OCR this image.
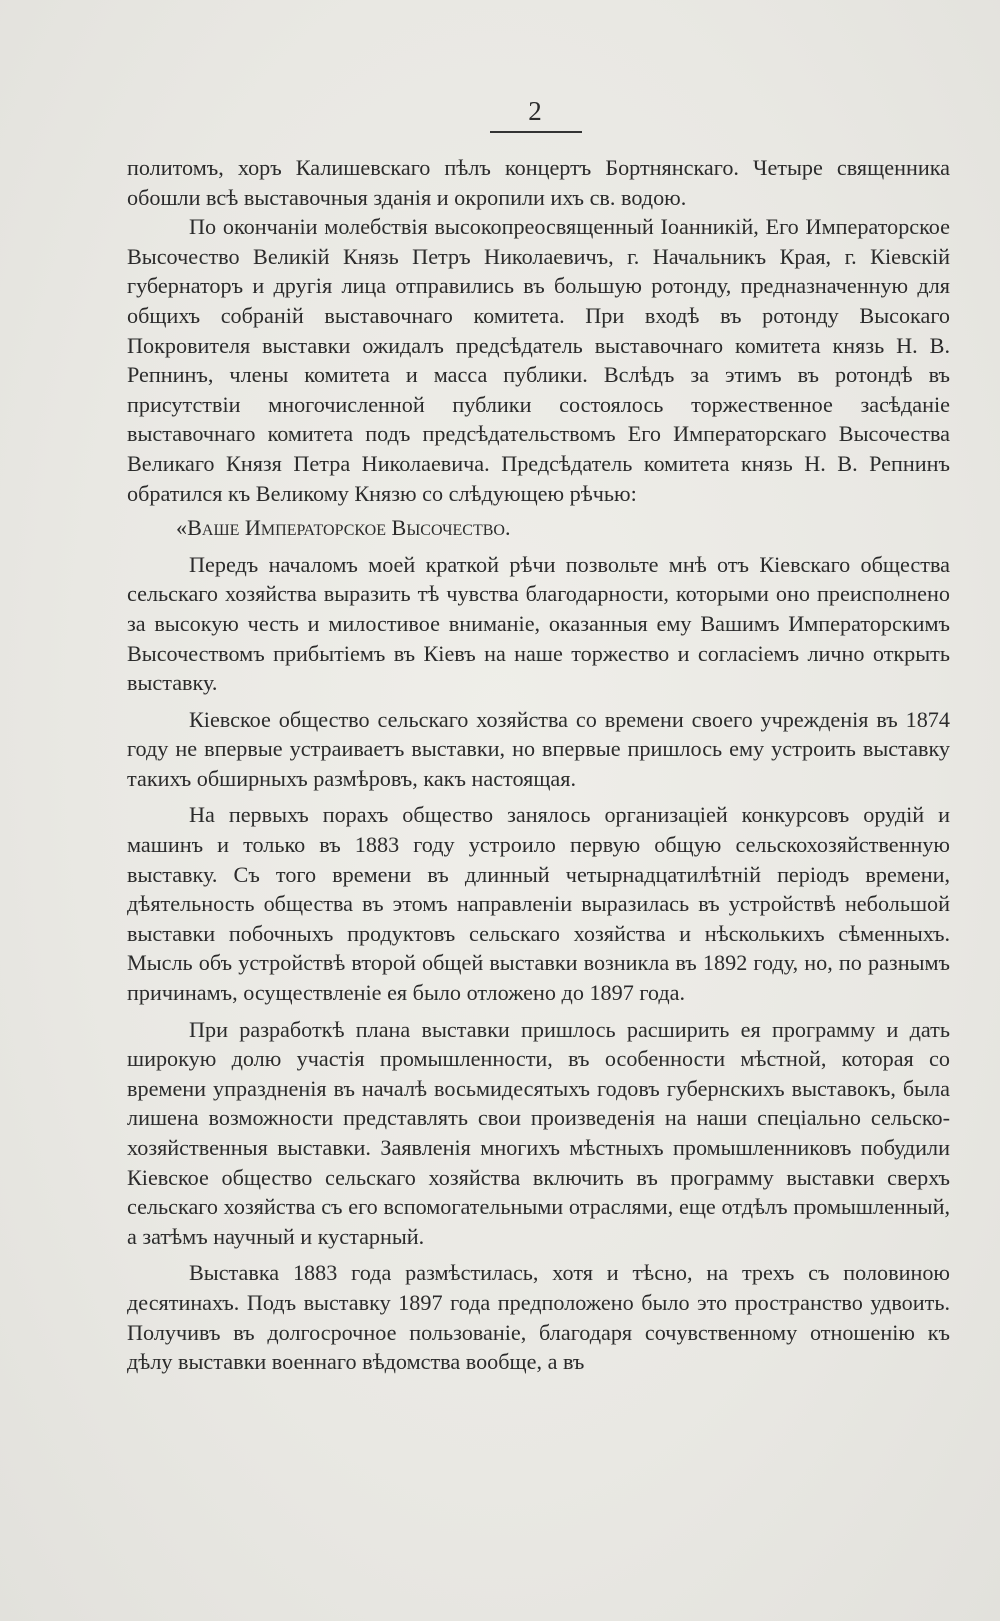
2

политомъ, хоръ Калишевскаго пѣлъ концертъ Бортнянскаго. Четыре священника обошли всѣ выставочныя зданія и окропили ихъ св. водою.

По окончаніи молебствія высокопреосвященный Іоанникій, Его Императорское Высочество Великій Князь Петръ Николаевичъ, г. Начальникъ Края, г. Кіевскій губернаторъ и другія лица отправились въ большую ротонду, предназначенную для общихъ собраній выставочнаго комитета. При входѣ въ ротонду Высокаго Покровителя выставки ожидалъ предсѣдатель выставочнаго комитета князь Н. В. Репнинъ, члены комитета и масса публики. Вслѣдъ за этимъ въ ротондѣ въ присутствіи многочисленной публики состоялось торжественное засѣданіе выставочнаго комитета подъ предсѣдательствомъ Его Императорскаго Высочества Великаго Князя Петра Николаевича. Предсѣдатель комитета князь Н. В. Репнинъ обратился къ Великому Князю со слѣдующею рѣчью:

«Ваше Императорское Высочество.

Передъ началомъ моей краткой рѣчи позвольте мнѣ отъ Кіевскаго общества сельскаго хозяйства выразить тѣ чувства благодарности, которыми оно преисполнено за высокую честь и милостивое вниманіе, оказанныя ему Вашимъ Императорскимъ Высочествомъ прибытіемъ въ Кіевъ на наше торжество и согласіемъ лично открыть выставку.

Кіевское общество сельскаго хозяйства со времени своего учрежденія въ 1874 году не впервые устраиваетъ выставки, но впервые пришлось ему устроить выставку такихъ обширныхъ размѣровъ, какъ настоящая.

На первыхъ порахъ общество занялось организаціей конкурсовъ орудій и машинъ и только въ 1883 году устроило первую общую сельскохозяйственную выставку. Съ того времени въ длинный четырнадцатилѣтній періодъ времени, дѣятельность общества въ этомъ направленіи выразилась въ устройствѣ небольшой выставки побочныхъ продуктовъ сельскаго хозяйства и нѣсколькихъ сѣменныхъ. Мысль объ устройствѣ второй общей выставки возникла въ 1892 году, но, по разнымъ причинамъ, осуществленіе ея было отложено до 1897 года.

При разработкѣ плана выставки пришлось расширить ея программу и дать широкую долю участія промышленности, въ особенности мѣстной, которая со времени упраздненія въ началѣ восьмидесятыхъ годовъ губернскихъ выставокъ, была лишена возможности представлять свои произведенія на наши спеціально сельско-хозяйственныя выставки. Заявленія многихъ мѣстныхъ промышленниковъ побудили Кіевское общество сельскаго хозяйства включить въ программу выставки сверхъ сельскаго хозяйства съ его вспомогательными отраслями, еще отдѣлъ промышленный, а затѣмъ научный и кустарный.

Выставка 1883 года размѣстилась, хотя и тѣсно, на трехъ съ половиною десятинахъ. Подъ выставку 1897 года предположено было это пространство удвоить. Получивъ въ долгосрочное пользованіе, благодаря сочувственному отношенію къ дѣлу выставки военнаго вѣдомства вообще, а въ
